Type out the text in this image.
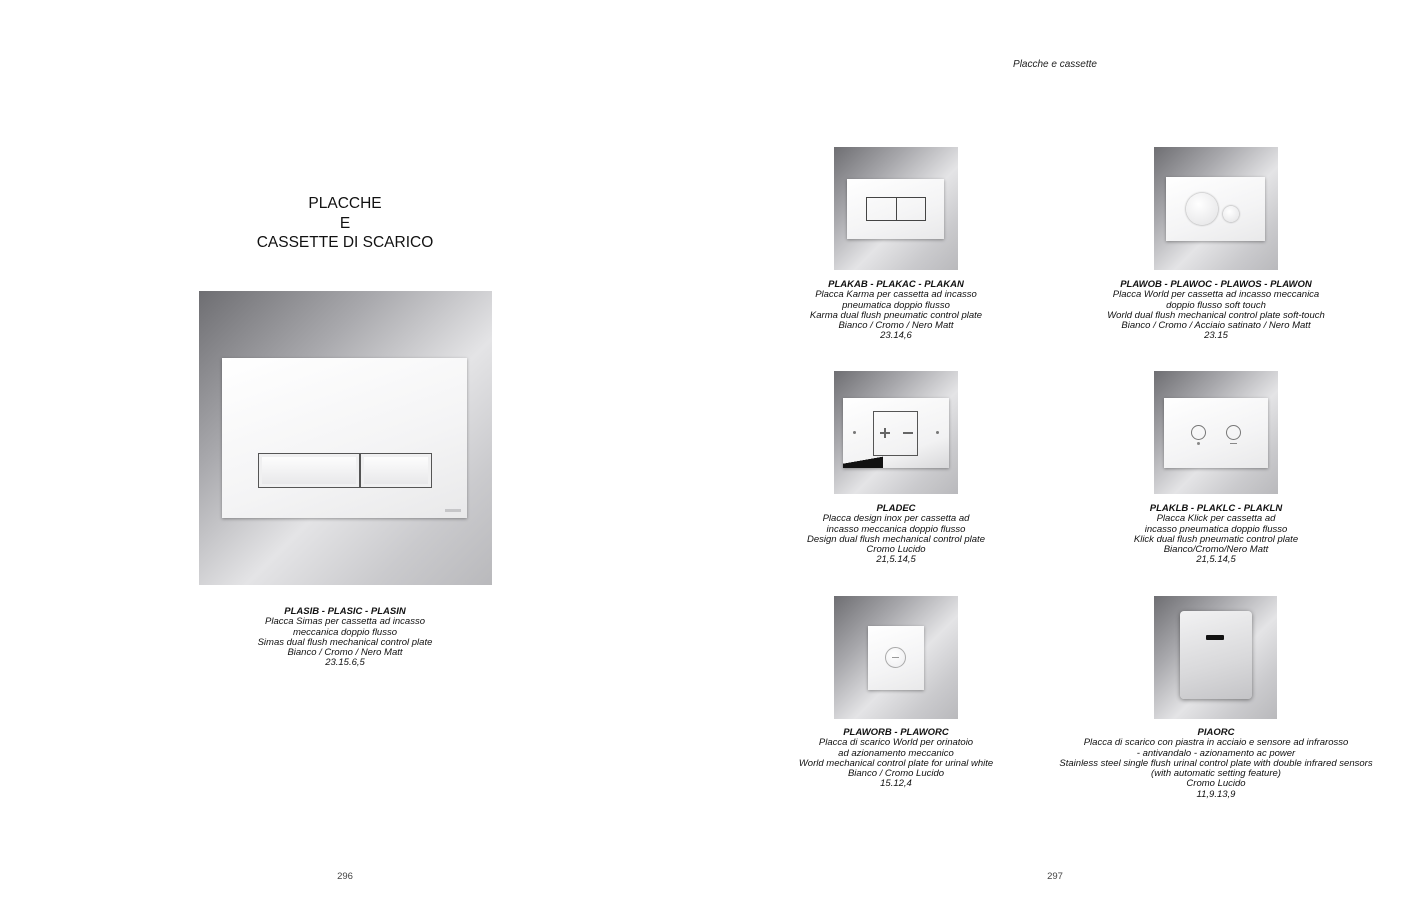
PLACCHE
E
CASSETTE DI SCARICO
PLASIB - PLASIC - PLASIN
Placca Simas per cassetta ad incasso
meccanica doppio flusso
Simas dual flush mechanical control plate
Bianco / Cromo / Nero Matt
23.15.6,5
296
Placche e cassette
PLAKAB - PLAKAC - PLAKAN
Placca Karma per cassetta ad incasso
pneumatica doppio flusso
Karma dual flush pneumatic control plate
Bianco / Cromo / Nero Matt
23.14,6
PLAWOB - PLAWOC - PLAWOS - PLAWON
Placca World per cassetta ad incasso meccanica
doppio flusso soft touch
World dual flush mechanical control plate soft-touch
Bianco / Cromo / Acciaio satinato / Nero Matt
23.15
PLADEC
Placca design inox per cassetta ad
incasso meccanica doppio flusso
Design dual flush mechanical control plate
Cromo Lucido
21,5.14,5
PLAKLB - PLAKLC - PLAKLN
Placca Klick per cassetta ad
incasso pneumatica doppio flusso
Klick dual flush pneumatic control plate
Bianco/Cromo/Nero Matt
21,5.14,5
PLAWORB - PLAWORC
Placca di scarico World per orinatoio
ad azionamento meccanico
World mechanical control plate for urinal white
Bianco / Cromo Lucido
15.12,4
PIAORC
Placca di scarico con piastra in acciaio e sensore ad infrarosso
- antivandalo - azionamento ac power
Stainless steel single flush urinal control plate with double infrared sensors
(with automatic setting feature)
Cromo Lucido
11,9.13,9
297
